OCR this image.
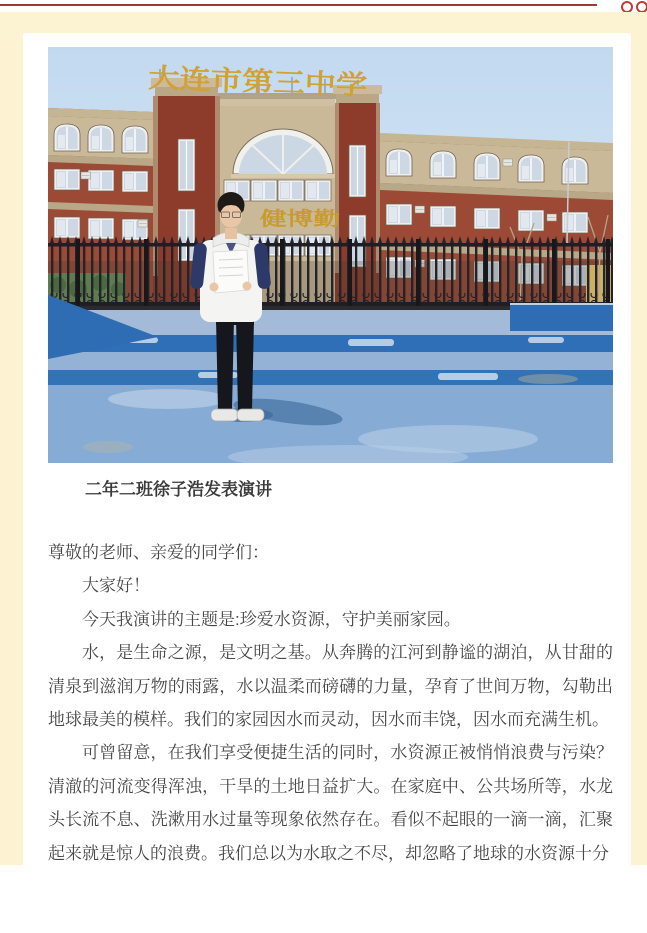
大连市第三中学
健博勤

二年二班徐子浩发表演讲

尊敬的老师、亲爱的同学们：

大家好！

今天我演讲的主题是:珍爱水资源，守护美丽家园。

水，是生命之源，是文明之基。从奔腾的江河到静谧的湖泊，从甘甜的清泉到滋润万物的雨露，水以温柔而磅礴的力量，孕育了世间万物，勾勒出地球最美的模样。我们的家园因水而灵动，因水而丰饶，因水而充满生机。

可曾留意，在我们享受便捷生活的同时，水资源正被悄悄浪费与污染？清澈的河流变得浑浊，干旱的土地日益扩大。在家庭中、公共场所等，水龙头长流不息、洗漱用水过量等现象依然存在。看似不起眼的一滴一滴，汇聚起来就是惊人的浪费。我们总以为水取之不尽，却忽略了地球的水资源十分
